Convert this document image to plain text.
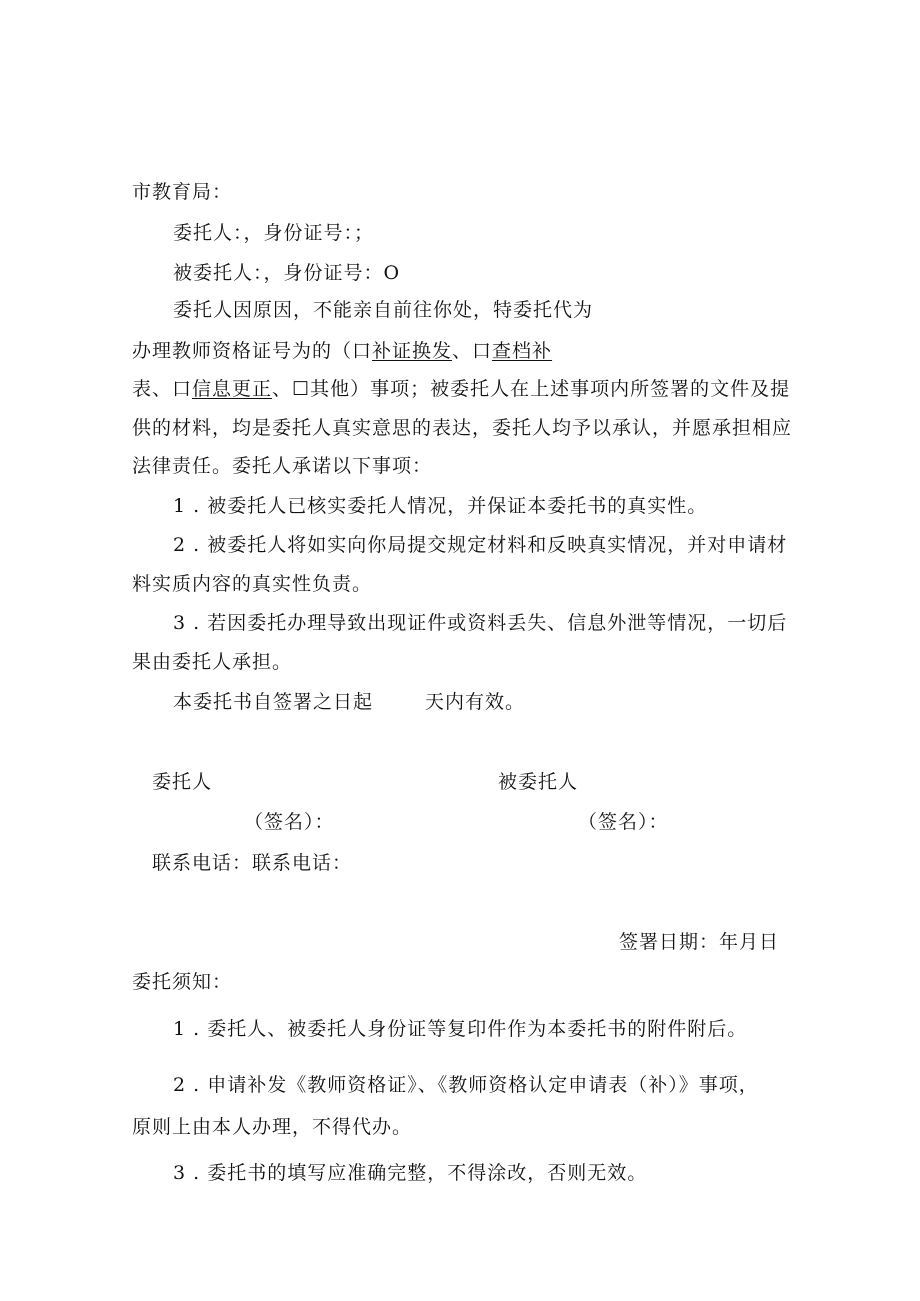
市教育局：
委托人：，身份证号：；
被委托人：，身份证号：O
委托人因原因，不能亲自前往你处，特委托代为
办理教师资格证号为的（口补证换发、口查档补
表、口信息更正、☐其他）事项；被委托人在上述事项内所签署的文件及提
供的材料，均是委托人真实意思的表达，委托人均予以承认，并愿承担相应
法律责任。委托人承诺以下事项：
1 . 被委托人已核实委托人情况，并保证本委托书的真实性。
2 . 被委托人将如实向你局提交规定材料和反映真实情况，并对申请材
料实质内容的真实性负责。
3 . 若因委托办理导致出现证件或资料丢失、信息外泄等情况，一切后
果由委托人承担。
本委托书自签署之日起	天内有效。
委托人	被委托人
（签名）：	（签名）：
联系电话：联系电话：
签署日期：年月日
委托须知：
1 . 委托人、被委托人身份证等复印件作为本委托书的附件附后。
2 . 申请补发《教师资格证》、《教师资格认定申请表（补）》事项，
原则上由本人办理，不得代办。
3 . 委托书的填写应准确完整，不得涂改，否则无效。
